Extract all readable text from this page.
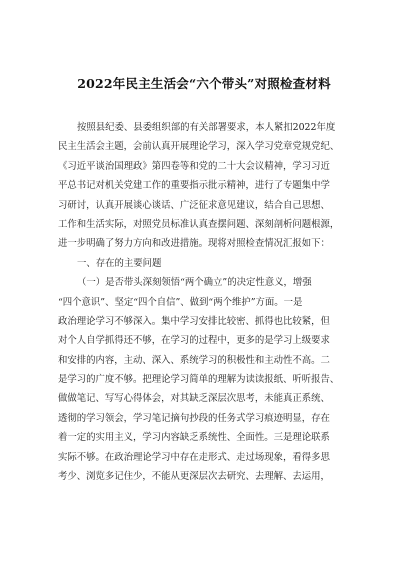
2022年民主生活会“六个带头”对照检查材料
按照县纪委、县委组织部的有关部署要求，本人紧扣2022年度
民主生活会主题，会前认真开展理论学习，深入学习党章党规党纪、
《习近平谈治国理政》第四卷等和党的二十大会议精神，学习习近
平总书记对机关党建工作的重要指示批示精神，进行了专题集中学
习研讨，认真开展谈心谈话、广泛征求意见建议，结合自己思想、
工作和生活实际，对照党员标准认真查摆问题、深刻剖析问题根源，
进一步明确了努力方向和改进措施。现将对照检查情况汇报如下：
一、存在的主要问题
（一）是否带头深刻领悟“两个确立”的决定性意义，增强
“四个意识”、坚定“四个自信”、做到“两个维护”方面。一是
政治理论学习不够深入。集中学习安排比较密、抓得也比较紧，但
对个人自学抓得还不够，在学习的过程中，更多的是学习上级要求
和安排的内容，主动、深入、系统学习的积极性和主动性不高。二
是学习的广度不够。把理论学习简单的理解为读读报纸、听听报告、
做做笔记、写写心得体会，对其缺乏深层次思考，未能真正系统、
透彻的学习领会，学习笔记摘句抄段的任务式学习痕迹明显，存在
着一定的实用主义，学习内容缺乏系统性、全面性。三是理论联系
实际不够。在政治理论学习中存在走形式、走过场现象，看得多思
考少、浏览多记住少，不能从更深层次去研究、去理解、去运用，
